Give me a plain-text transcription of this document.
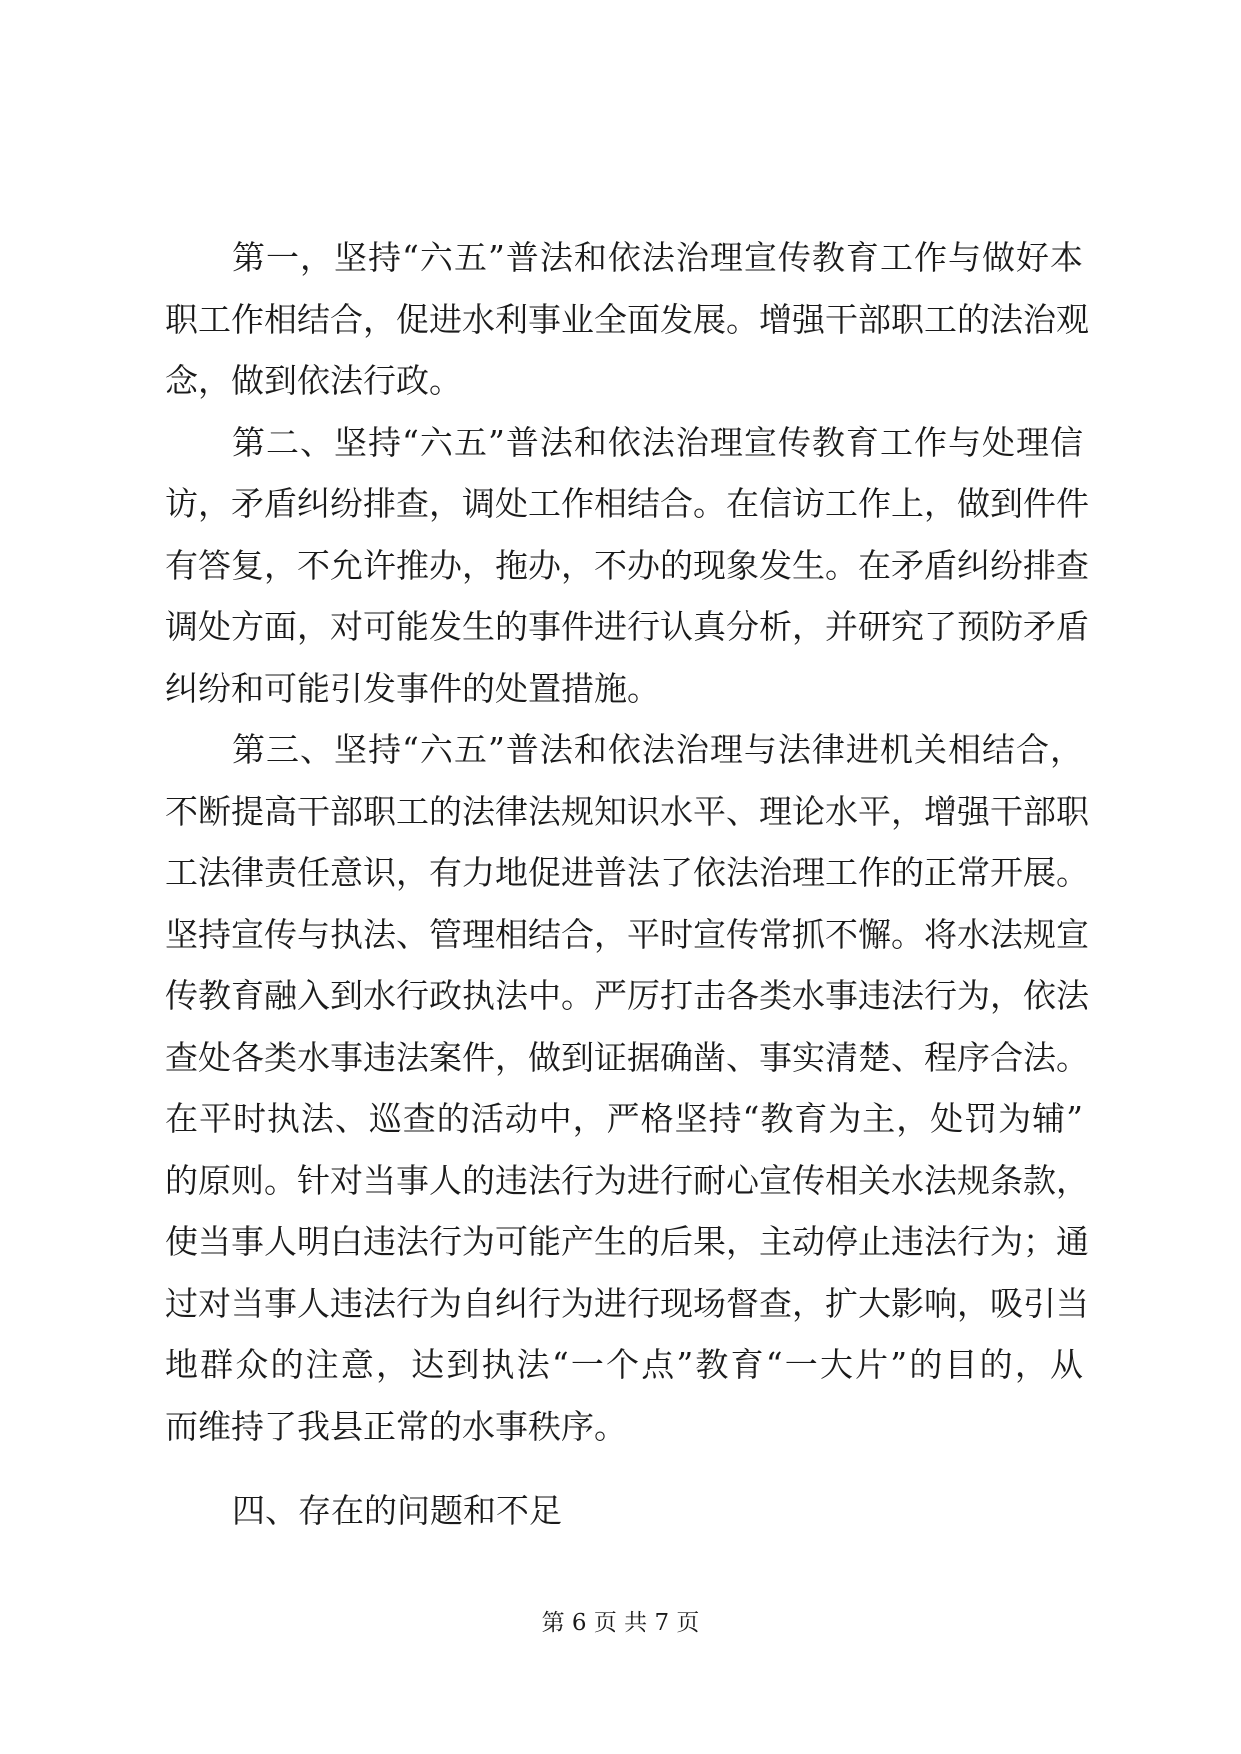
第一，坚持“六五”普法和依法治理宣传教育工作与做好本
职工作相结合，促进水利事业全面发展。增强干部职工的法治观
念，做到依法行政。
第二、坚持“六五”普法和依法治理宣传教育工作与处理信
访，矛盾纠纷排查，调处工作相结合。在信访工作上，做到件件
有答复，不允许推办，拖办，不办的现象发生。在矛盾纠纷排查
调处方面，对可能发生的事件进行认真分析，并研究了预防矛盾
纠纷和可能引发事件的处置措施。
第三、坚持“六五”普法和依法治理与法律进机关相结合，
不断提高干部职工的法律法规知识水平、理论水平，增强干部职
工法律责任意识，有力地促进普法了依法治理工作的正常开展。
坚持宣传与执法、管理相结合，平时宣传常抓不懈。将水法规宣
传教育融入到水行政执法中。严厉打击各类水事违法行为，依法
查处各类水事违法案件，做到证据确凿、事实清楚、程序合法。
在平时执法、巡查的活动中，严格坚持“教育为主，处罚为辅”
的原则。针对当事人的违法行为进行耐心宣传相关水法规条款，
使当事人明白违法行为可能产生的后果，主动停止违法行为；通
过对当事人违法行为自纠行为进行现场督查，扩大影响，吸引当
地群众的注意，达到执法“一个点”教育“一大片”的目的，从
而维持了我县正常的水事秩序。
四、存在的问题和不足
第 6 页 共 7 页
